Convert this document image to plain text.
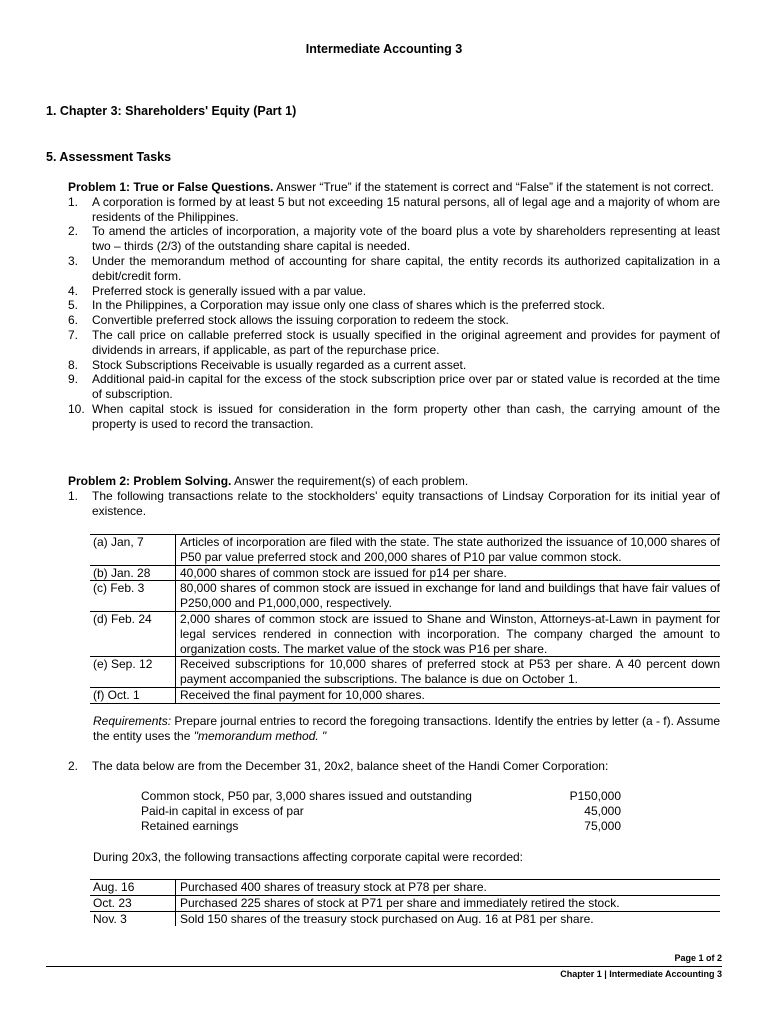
Intermediate Accounting 3
1. Chapter 3: Shareholders' Equity (Part 1)
5. Assessment Tasks
Problem 1: True or False Questions. Answer “True” if the statement is correct and “False” if the statement is not correct.
1. A corporation is formed by at least 5 but not exceeding 15 natural persons, all of legal age and a majority of whom are residents of the Philippines.
2. To amend the articles of incorporation, a majority vote of the board plus a vote by shareholders representing at least two – thirds (2/3) of the outstanding share capital is needed.
3. Under the memorandum method of accounting for share capital, the entity records its authorized capitalization in a debit/credit form.
4. Preferred stock is generally issued with a par value.
5. In the Philippines, a Corporation may issue only one class of shares which is the preferred stock.
6. Convertible preferred stock allows the issuing corporation to redeem the stock.
7. The call price on callable preferred stock is usually specified in the original agreement and provides for payment of dividends in arrears, if applicable, as part of the repurchase price.
8. Stock Subscriptions Receivable is usually regarded as a current asset.
9. Additional paid-in capital for the excess of the stock subscription price over par or stated value is recorded at the time of subscription.
10. When capital stock is issued for consideration in the form property other than cash, the carrying amount of the property is used to record the transaction.
Problem 2: Problem Solving. Answer the requirement(s) of each problem.
1. The following transactions relate to the stockholders' equity transactions of Lindsay Corporation for its initial year of existence.
(a) Jan, 7	Articles of incorporation are filed with the state. The state authorized the issuance of 10,000 shares of P50 par value preferred stock and 200,000 shares of P10 par value common stock.
(b) Jan. 28	40,000 shares of common stock are issued for p14 per share.
(c) Feb. 3	80,000 shares of common stock are issued in exchange for land and buildings that have fair values of P250,000 and P1,000,000, respectively.
(d) Feb. 24	2,000 shares of common stock are issued to Shane and Winston, Attorneys-at-Lawn in payment for legal services rendered in connection with incorporation. The company charged the amount to organization costs. The market value of the stock was P16 per share.
(e) Sep. 12	Received subscriptions for 10,000 shares of preferred stock at P53 per share. A 40 percent down payment accompanied the subscriptions. The balance is due on October 1.
(f) Oct. 1	Received the final payment for 10,000 shares.
Requirements: Prepare journal entries to record the foregoing transactions. Identify the entries by letter (a - f). Assume the entity uses the "memorandum method. "
2. The data below are from the December 31, 20x2, balance sheet of the Handi Comer Corporation:
Common stock, P50 par, 3,000 shares issued and outstanding	P150,000
Paid-in capital in excess of par	45,000
Retained earnings	75,000
During 20x3, the following transactions affecting corporate capital were recorded:
Aug. 16	Purchased 400 shares of treasury stock at P78 per share.
Oct. 23	Purchased 225 shares of stock at P71 per share and immediately retired the stock.
Nov. 3	Sold 150 shares of the treasury stock purchased on Aug. 16 at P81 per share.
Page 1 of 2
Chapter 1 | Intermediate Accounting 3
